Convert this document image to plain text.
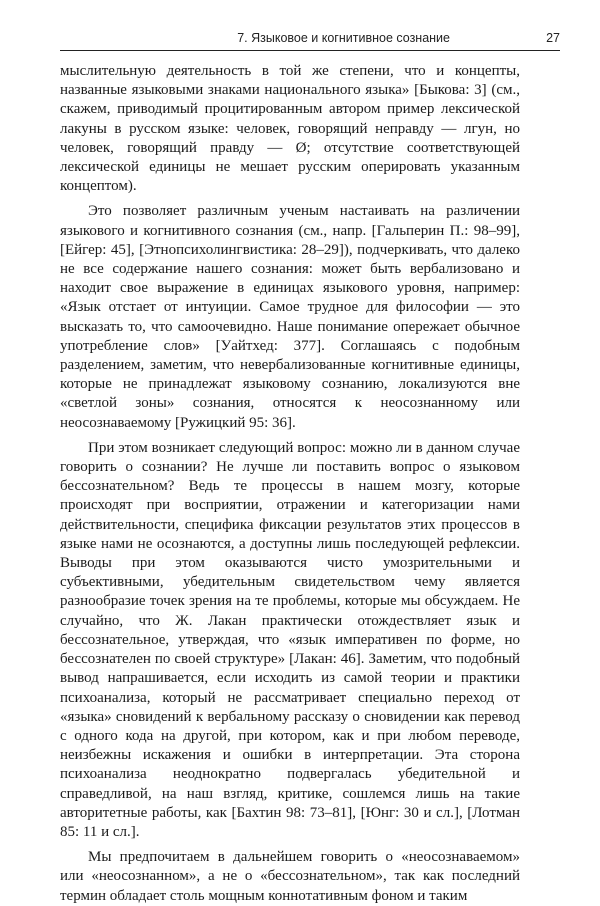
7. Языковое и когнитивное сознание	27

мыслительную деятельность в той же степени, что и концепты, названные языковыми знаками национального языка» [Быкова: 3] (см., скажем, приводимый процитированным автором пример лексической лакуны в русском языке: человек, говорящий неправду — лгун, но человек, говорящий правду — Ø; отсутствие соответствующей лексической единицы не мешает русским оперировать указанным концептом).

Это позволяет различным ученым настаивать на различении языкового и когнитивного сознания (см., напр. [Гальперин П.: 98–99], [Ейгер: 45], [Этнопсихолингвистика: 28–29]), подчеркивать, что далеко не все содержание нашего сознания: может быть вербализовано и находит свое выражение в единицах языкового уровня, например: «Язык отстает от интуиции. Самое трудное для философии — это высказать то, что самоочевидно. Наше понимание опережает обычное употребление слов» [Уайтхед: 377]. Соглашаясь с подобным разделением, заметим, что невербализованные когнитивные единицы, которые не принадлежат языковому сознанию, локализуются вне «светлой зоны» сознания, относятся к неосознанному или неосознаваемому [Ружицкий 95: 36].

При этом возникает следующий вопрос: можно ли в данном случае говорить о сознании? Не лучше ли поставить вопрос о языковом бессознательном? Ведь те процессы в нашем мозгу, которые происходят при восприятии, отражении и категоризации нами действительности, специфика фиксации результатов этих процессов в языке нами не осознаются, а доступны лишь последующей рефлексии. Выводы при этом оказываются чисто умозрительными и субъективными, убедительным свидетельством чему является разнообразие точек зрения на те проблемы, которые мы обсуждаем. Не случайно, что Ж. Лакан практически отождествляет язык и бессознательное, утверждая, что «язык императивен по форме, но бессознателен по своей структуре» [Лакан: 46]. Заметим, что подобный вывод напрашивается, если исходить из самой теории и практики психоанализа, который не рассматривает специально переход от «языка» сновидений к вербальному рассказу о сновидении как перевод с одного кода на другой, при котором, как и при любом переводе, неизбежны искажения и ошибки в интерпретации. Эта сторона психоанализа неоднократно подвергалась убедительной и справедливой, на наш взгляд, критике, сошлемся лишь на такие авторитетные работы, как [Бахтин 98: 73–81], [Юнг: 30 и сл.], [Лотман 85: 11 и сл.].

Мы предпочитаем в дальнейшем говорить о «неосознаваемом» или «неосознанном», а не о «бессознательном», так как последний термин обладает столь мощным коннотативным фоном и таким
